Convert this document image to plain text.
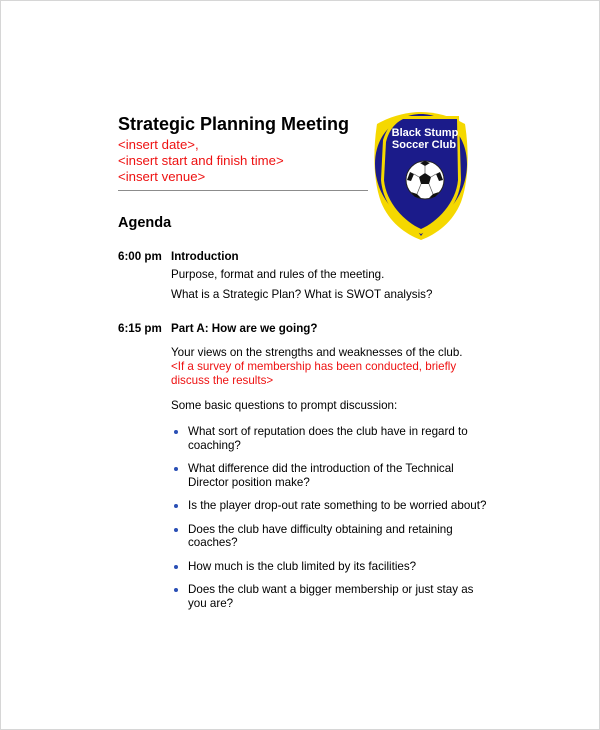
Strategic Planning Meeting
<insert date>,
<insert start and finish time>
<insert venue>
Black Stump
Soccer Club
Agenda
6:00 pm Introduction
Purpose, format and rules of the meeting.
What is a Strategic Plan? What is SWOT analysis?
6:15 pm Part A: How are we going?
Your views on the strengths and weaknesses of the club.
<If a survey of membership has been conducted, briefly
discuss the results>
Some basic questions to prompt discussion:
What sort of reputation does the club have in regard to coaching?
What difference did the introduction of the Technical Director position make?
Is the player drop-out rate something to be worried about?
Does the club have difficulty obtaining and retaining coaches?
How much is the club limited by its facilities?
Does the club want a bigger membership or just stay as you are?
